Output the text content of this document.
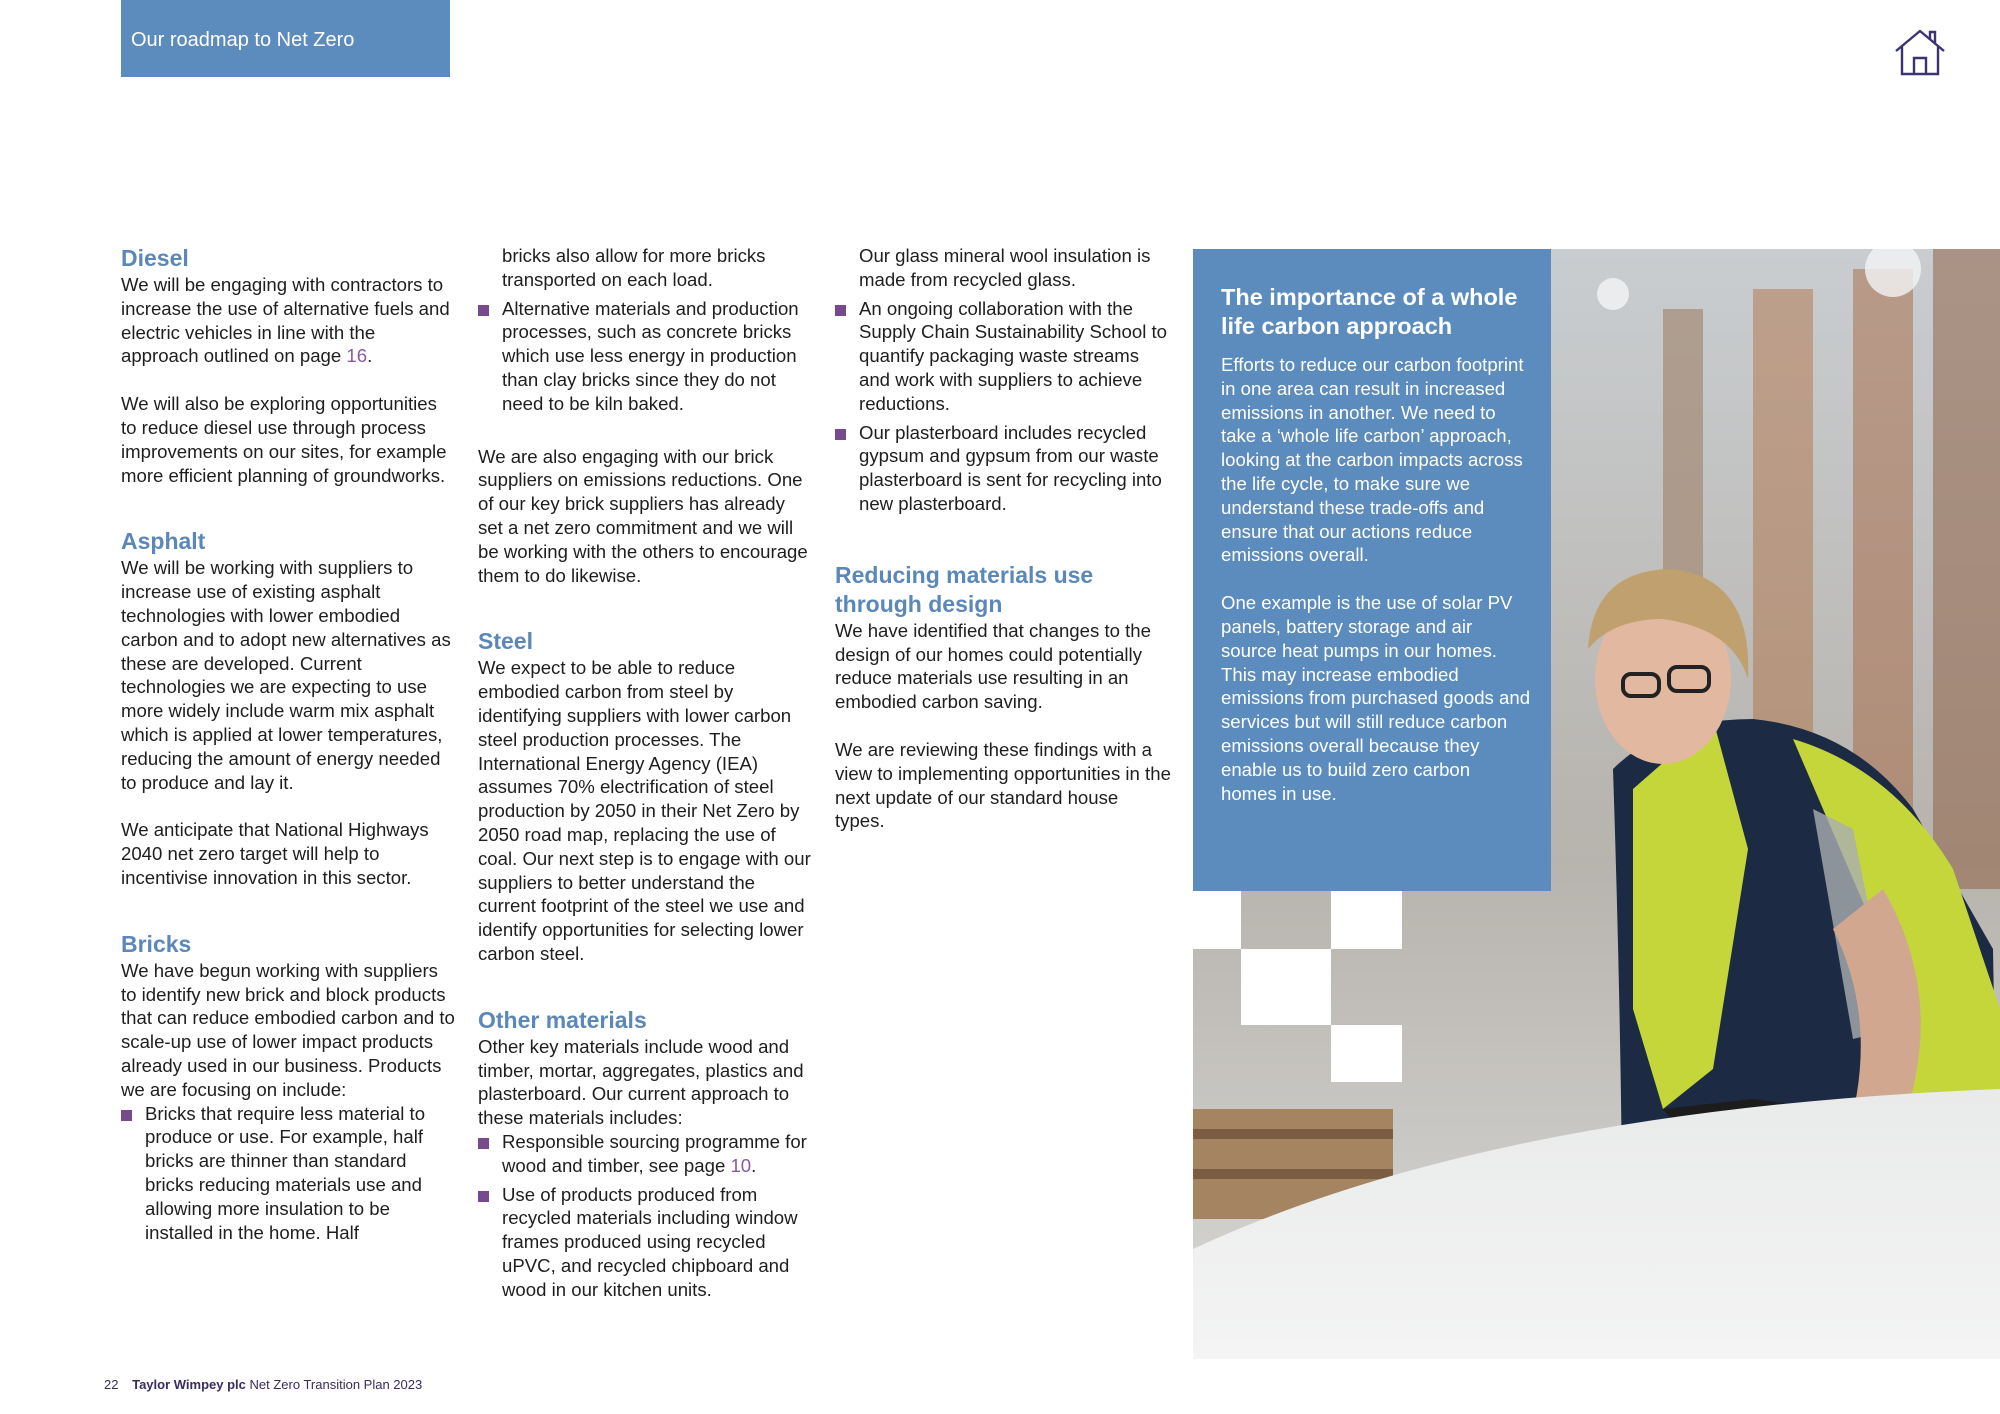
Our roadmap to Net Zero
Diesel

We will be engaging with contractors to increase the use of alternative fuels and electric vehicles in line with the approach outlined on page 16.

We will also be exploring opportunities to reduce diesel use through process improvements on our sites, for example more efficient planning of groundworks.

Asphalt

We will be working with suppliers to increase use of existing asphalt technologies with lower embodied carbon and to adopt new alternatives as these are developed. Current technologies we are expecting to use more widely include warm mix asphalt which is applied at lower temperatures, reducing the amount of energy needed to produce and lay it.

We anticipate that National Highways 2040 net zero target will help to incentivise innovation in this sector.

Bricks

We have begun working with suppliers to identify new brick and block products that can reduce embodied carbon and to scale-up use of lower impact products already used in our business. Products we are focusing on include:

Bricks that require less material to produce or use. For example, half bricks are thinner than standard bricks reducing materials use and allowing more insulation to be installed in the home. Half
bricks also allow for more bricks transported on each load.
Alternative materials and production processes, such as concrete bricks which use less energy in production than clay bricks since they do not need to be kiln baked.

We are also engaging with our brick suppliers on emissions reductions. One of our key brick suppliers has already set a net zero commitment and we will be working with the others to encourage them to do likewise.

Steel

We expect to be able to reduce embodied carbon from steel by identifying suppliers with lower carbon steel production processes. The International Energy Agency (IEA) assumes 70% electrification of steel production by 2050 in their Net Zero by 2050 road map, replacing the use of coal. Our next step is to engage with our suppliers to better understand the current footprint of the steel we use and identify opportunities for selecting lower carbon steel.

Other materials

Other key materials include wood and timber, mortar, aggregates, plastics and plasterboard. Our current approach to these materials includes:

Responsible sourcing programme for wood and timber, see page 10.
Use of products produced from recycled materials including window frames produced using recycled uPVC, and recycled chipboard and wood in our kitchen units.
Our glass mineral wool insulation is made from recycled glass.
An ongoing collaboration with the Supply Chain Sustainability School to quantify packaging waste streams and work with suppliers to achieve reductions.
Our plasterboard includes recycled gypsum and gypsum from our waste plasterboard is sent for recycling into new plasterboard.
Reducing materials use through design

We have identified that changes to the design of our homes could potentially reduce materials use resulting in an embodied carbon saving.

We are reviewing these findings with a view to implementing opportunities in the next update of our standard house types.

The importance of a whole life carbon approach

Efforts to reduce our carbon footprint in one area can result in increased emissions in another. We need to take a ‘whole life carbon’ approach, looking at the carbon impacts across the life cycle, to make sure we understand these trade-offs and ensure that our actions reduce emissions overall.

One example is the use of solar PV panels, battery storage and air source heat pumps in our homes. This may increase embodied emissions from purchased goods and services but will still reduce carbon emissions overall because they enable us to build zero carbon homes in use.

22 Taylor Wimpey plc Net Zero Transition Plan 2023
